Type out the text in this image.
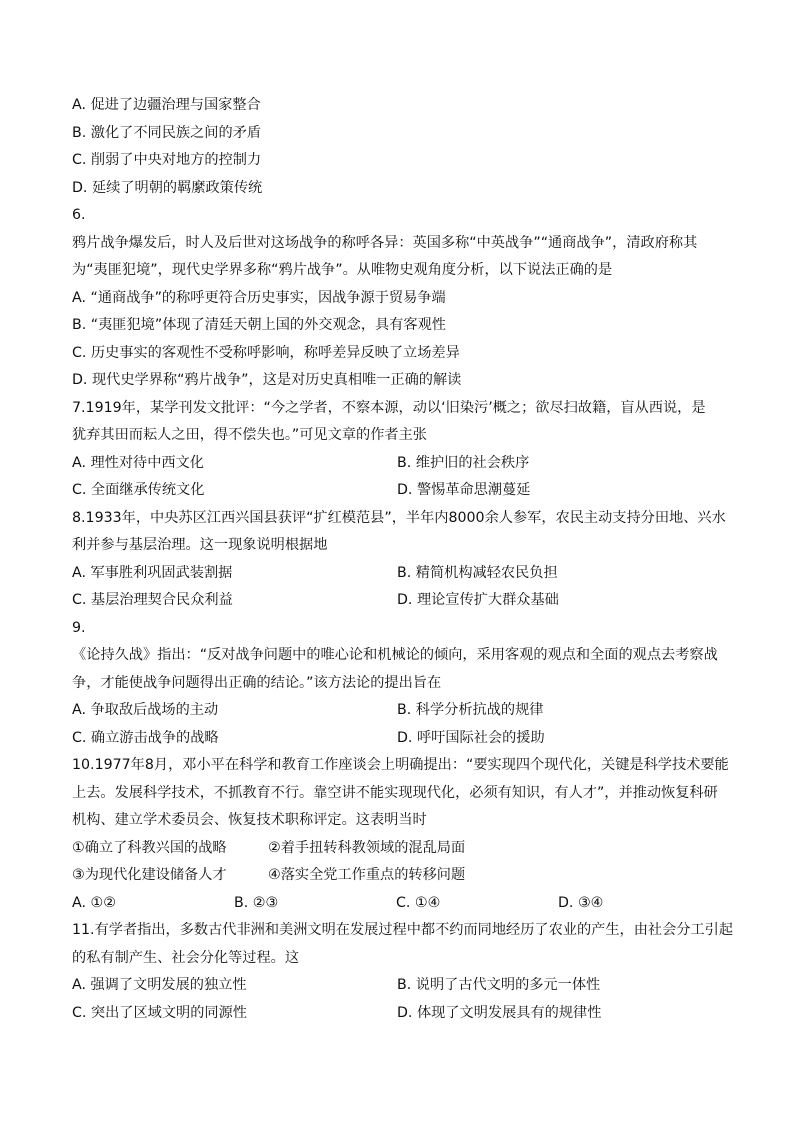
A. 促进了边疆治理与国家整合
B. 激化了不同民族之间的矛盾
C. 削弱了中央对地方的控制力
D. 延续了明朝的羁縻政策传统
6.
鸦片战争爆发后，时人及后世对这场战争的称呼各异：英国多称“中英战争”“通商战争”，清政府称其
为“夷匪犯境”，现代史学界多称“鸦片战争”。从唯物史观角度分析，以下说法正确的是
A. “通商战争”的称呼更符合历史事实，因战争源于贸易争端
B. “夷匪犯境”体现了清廷天朝上国的外交观念，具有客观性
C. 历史事实的客观性不受称呼影响，称呼差异反映了立场差异
D. 现代史学界称“鸦片战争”，这是对历史真相唯一正确的解读
7.1919年，某学刊发文批评：“今之学者，不察本源，动以‘旧染污’概之；欲尽扫故籍，盲从西说，是
犹弃其田而耘人之田，得不偿失也。”可见文章的作者主张
A. 理性对待中西文化	B. 维护旧的社会秩序
C. 全面继承传统文化	D. 警惕革命思潮蔓延
8.1933年，中央苏区江西兴国县获评“扩红模范县”，半年内8000余人参军，农民主动支持分田地、兴水
利并参与基层治理。这一现象说明根据地
A. 军事胜利巩固武装割据	B. 精简机构减轻农民负担
C. 基层治理契合民众利益	D. 理论宣传扩大群众基础
9.
《论持久战》指出：“反对战争问题中的唯心论和机械论的倾向，采用客观的观点和全面的观点去考察战
争，才能使战争问题得出正确的结论。”该方法论的提出旨在
A. 争取敌后战场的主动	B. 科学分析抗战的规律
C. 确立游击战争的战略	D. 呼吁国际社会的援助
10.1977年8月，邓小平在科学和教育工作座谈会上明确提出：“要实现四个现代化，关键是科学技术要能
上去。发展科学技术，不抓教育不行。靠空讲不能实现现代化，必须有知识，有人才”，并推动恢复科研
机构、建立学术委员会、恢复技术职称评定。这表明当时
①确立了科教兴国的战略	②着手扭转科教领域的混乱局面
③为现代化建设储备人才	④落实全党工作重点的转移问题
A. ①②	B. ②③	C. ①④	D. ③④
11.有学者指出，多数古代非洲和美洲文明在发展过程中都不约而同地经历了农业的产生，由社会分工引起
的私有制产生、社会分化等过程。这
A. 强调了文明发展的独立性	B. 说明了古代文明的多元一体性
C. 突出了区域文明的同源性	D. 体现了文明发展具有的规律性
